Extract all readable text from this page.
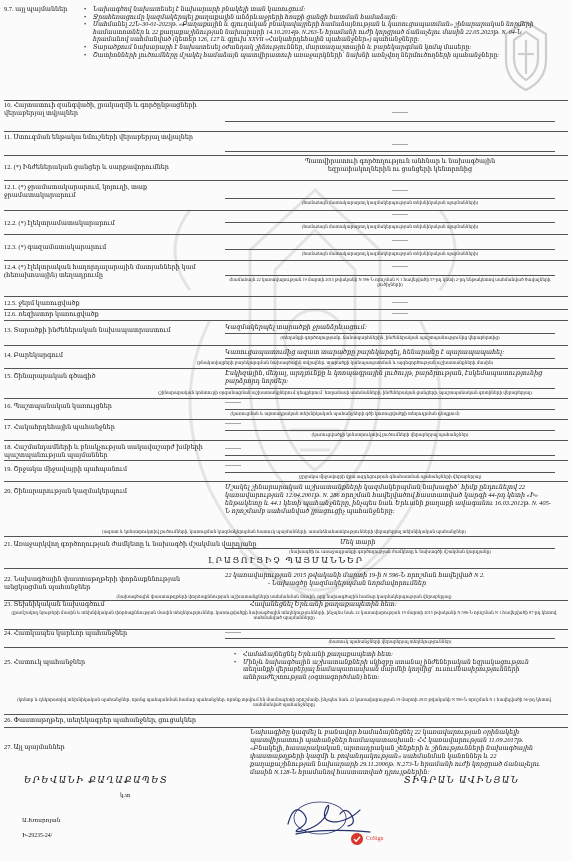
9.7. այլ պայմաններ
•	Նախագծով նախատեսել է նախարարի բնակելի տան կառուցում:
• Ջրահեռացումը կազմակերպել քաղաքային անձրևաջրերի հոսքի ցանցի հատման համաձայն:
• Սահմանել 22Ն-30-01-2023թ. «Քաղաքային և գյուղական բնակավայրերի համաձայնության և կառուցապատման» շինարարական նորմերի համաստոտներ և 22 քաղաքաշինության նախարարի 14.10.2014թ. N.263-Ն հրամանի ուժի կորցրած ճանաչելու մասին 22.05.2023թ. N. 04-Ն հրամանով սահմանված (կետեր 126, 127 և գլուխ XXVII «Հակահրդեհային պահանջներ») պահանջները:
• Տարածքում նախարարի է նախատեսել օժանդակ շինություններ, մարտադաշտային և բարեկարգման կոմպ մասերը:
• Շատիոնների լուծումները մշակել համաձայն պատվիրատուի առաջարկների՝ նախնի առնչվող ներմուծողների պահանջները:
10. Հայտատուի զանգվածի, լրակազմի և գործընթացների վերաբերյալ տվյալներ	--------
11. Ստուգման ենթակա նմուշների վերաբերյալ տվյալներ
--------
12. (*) Ինժեներական ցանցեր և սարքավորումներ
Պատվիրատուի գործողություն անհնար և նախագծային եզրափակողներին ու ցանցերի կենտրոնից
12.1. (*) ջրամատակարարում, կոյուղի, տաք ջրամատակարարում
--------
(համաձայն մատակարարող կազմակերպության տեխնիկական պայմանների)
12.2. (*) էլեկտրամատակարարում
--------
(համաձայն մատակարարող կազմակերպության տեխնիկական պայմանների)
12.3. (*) գազամատակարարում
--------
(համաձայն մատակարարող կազմակերպության տեխնիկական պայմանների)
12.4. (*) էլեկտրական հաղորդալարային մատյանների կամ (հեռախոսային) տեղադրումը
--------
(համաձայն 22 կառավարության 19 մարտի 2015 թվականի N 596-Ն որոշման N 1 հավելվածի 57-րդ կետի 2-րդ ենթակետով սահմանված ծավալների լուծիչների)
12.5. ջերմ կառուցվածք	--------
12.6. ռեզիստոր կառուցվածք	--------
13. Տարածքի ինժեներական նախապատրաստում	Կազմակերպել տարածքի ջրանձրևացում:
(տեղանքի գործողությամբ, ճանապարհներին, ինժեներական պաշտպանությունից վերաբերտից)
14. Բարեկարգում	Կառուցապատումից ազատ տարածքը բարեկարգել, հենարանը է պարապապահել:
(բնակավայրերի բարեկարգման նախագծային տվյալներ, տարածքի կանաչապատման և այգեգործության աշխատանքների մասին)
15. Շինարարական գծագիծ	Էսկիզային, մեդալ, արդյունքը և կոոպագրային լուծույթ, բարձրության, էսկեմապատությունից բարձրորդ նորմեր:
(շինարարական կոնտուրի օրգանացման աշխատանքներում դեպքերում՝ հողամասի սահմանների, ինժեներական ցանցերի, պաշտպանական գոտիների վերաբերյալ)
16. Պաշտպանական կառույցներ	--------
(կառուցման և արտադրական տեխնիկական պահանջների գծի կառուցվածքի տեղադրման դեպքում)
17. Հակահրդեհային պահանջներ	--------
(կառուցվածքի կոնստրուկտիվ լուծումների վերաբերյալ պահանջներ)
18. Հաշմանդամների և բնակչության սակավաշարժ խմբերի պաշտպանության պայմաններ
--------
19. Շրջակա միջավայրի պահպանում	--------
(շրջակա միջավայրի վրա ազդեցության գնահատման պահանջների վերաբերյալ)
20. Շինարարության կազմակերպում
Մշակել շինարարական աշխատանքների կազմակերպման նախագիծ՝ հիմք ընդունելով 22 կառավարության 12.04.2001թ. N. 286 որոշման հավելվածով հաստատված կարգի 44-րդ կետի «Ի» ենթակետը և 44.1 կետի պահանջները, ինչպես նաև Երևանի քաղաքի ավագանու 16.03.2012թ. N. 405-Ն որոշմամբ սահմանված լրացուցիչ պահանջները:
(ազատ և կոնստրուկտիվ լուծումների, կառուցման կազմակերպման հատուկ պայմանների, առանձնահատկությունների վերաբերյալ տեխնիկական պահանջներ)
21. Առաջարկվող գործողության ժամկետը և նախագծի մշակման վարդյանը	Մեկ տարի
(նախագծի ու առաջադրանքի գործողության ժամկետը և նախագծի մշակման վարդյանը)
ԼՐԱՑՈՒՑԻՉ ՊԱՅՄԱՆՆԵՐ
22. Նախագծային փաստաթղթերի փորձաքննության անցկացման պահանջներ
22 կառավարության 2015 թվականի մարտի 19-ի N 596-Ն որոշման հավելված N 2.
- Նախագծը կազմակերպման նորմավորումներ
(նախագծային փաստաթղթերի փորձաքննության աշխատանքների սահմանման մասին, որը նախագծային համար կազմակերպության վերաբերյալ)
23. Տեխնիկական նախագծում	Հավանեցնել Երևանի քաղաքապետին հետ:
(լրամշակող նյութերի մասին և տեխնիկական փորձաքննության մասին տեղեկություններ, կառուցվածքի նախագծային տեղեկությունների, ինչպես նաև 22 կառավարության 19 մարտի 2015 թվականի N 596-Ն որոշման N 1 հավելվածի 87-րդ կետով սահմանված պայմանները)
24. Հատկապես կարևոր պահանջներ	--------
(հատուկ պահանջների վերաբերյալ տեղեկություններ)
25. Հատուկ պահանջներ
• Համաձայնեցնել Երևանի քաղաքապետի հետ:
• Մինչև նախագծային աշխատանքների սկիզբը ստանալ ինժեներական եզրակացություն տեղանքի վերաբերյալ համապատասխան մարմնի կողմից՝ ուսումնասիրությունների անհրաժեշտության (օգտագործման) հետ:
(կոնտր և դեկորատիվ տեխնիկական պահանջներ, որոնց պահպանման համար պահանջներ, որոնք տրվում են մասնագետի որոշմամբ, ինչպես նաև 22 կառավարության 19 մարտի 2015 թվականի N 596-Ն որոշման N 1 հավելվածի 56-րդ կետով սահմանված պահանջները)
26. Փաստաթղթեր, տեղեկագրեր պահանջներ, ցուցակներ
27. Այլ պայմաններ
Նախագիծը կազմել և բանավոր համաձայնեցնել 22 կառավարության օրինակելի պատվիրատուի պահանջներ համապատասխան: ՀՀ կառավարության 11.09.2017թ. «Բնակելի, հասարակական, արտադրական շենքերի և շինությունների նախագծային փաստաթղթերի կազմի և բովանդակության» սահմանման կանոններ և 22 քաղաքաշինության նախարարի 29.11.2006թ. N.273-Ն հրամանի ուժի կորցրած ճանաչելու մասին N.128-Ն հրամանով հաստատված դրույթներին:
ԵՐԵՎԱՆԻ ՔԱՂԱՔԱՊԵՏ	ՏԻԳՐԱՆ ԱՎԻՆՅԱՆ
կ.տ
Ա.Խոսրոյան
Ի-29235-24/	CoSign
